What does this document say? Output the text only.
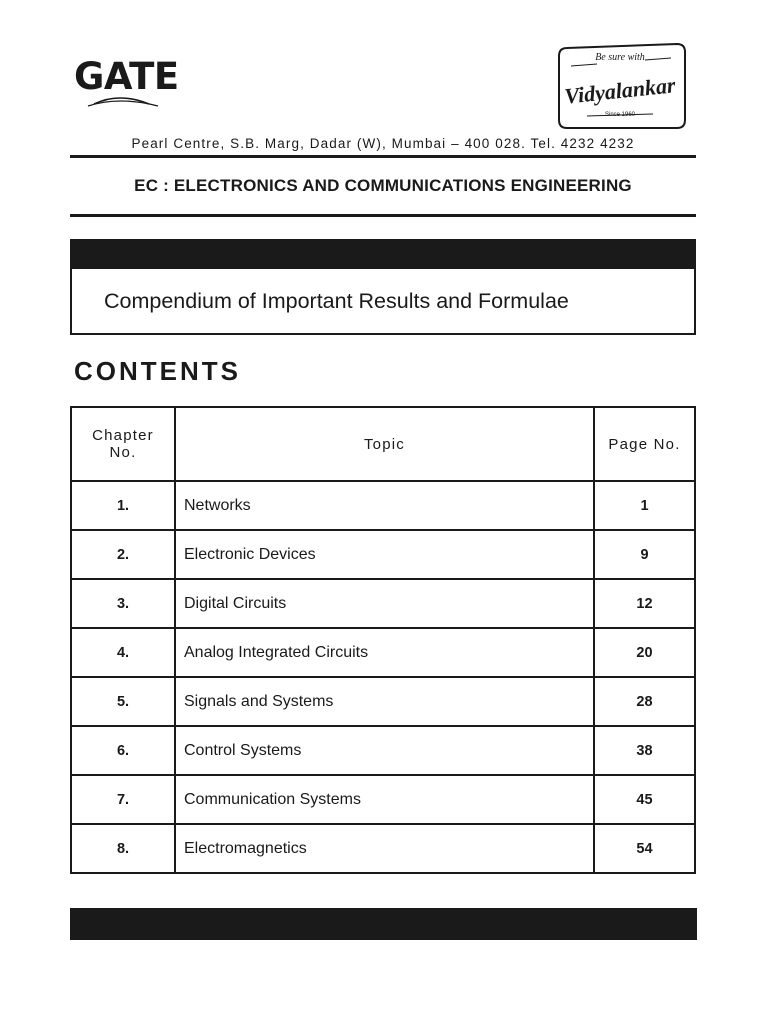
GATE	Be sure with
Vidyalankar
Since 1960
Pearl Centre, S.B. Marg, Dadar (W), Mumbai – 400 028. Tel. 4232 4232
EC : ELECTRONICS AND COMMUNICATIONS ENGINEERING
Compendium of Important Results and Formulae
CONTENTS
Chapter
No.	Topic	Page No.
1.	Networks	1
2.	Electronic Devices	9
3.	Digital Circuits	12
4.	Analog Integrated Circuits	20
5.	Signals and Systems	28
6.	Control Systems	38
7.	Communication Systems	45
8.	Electromagnetics	54
